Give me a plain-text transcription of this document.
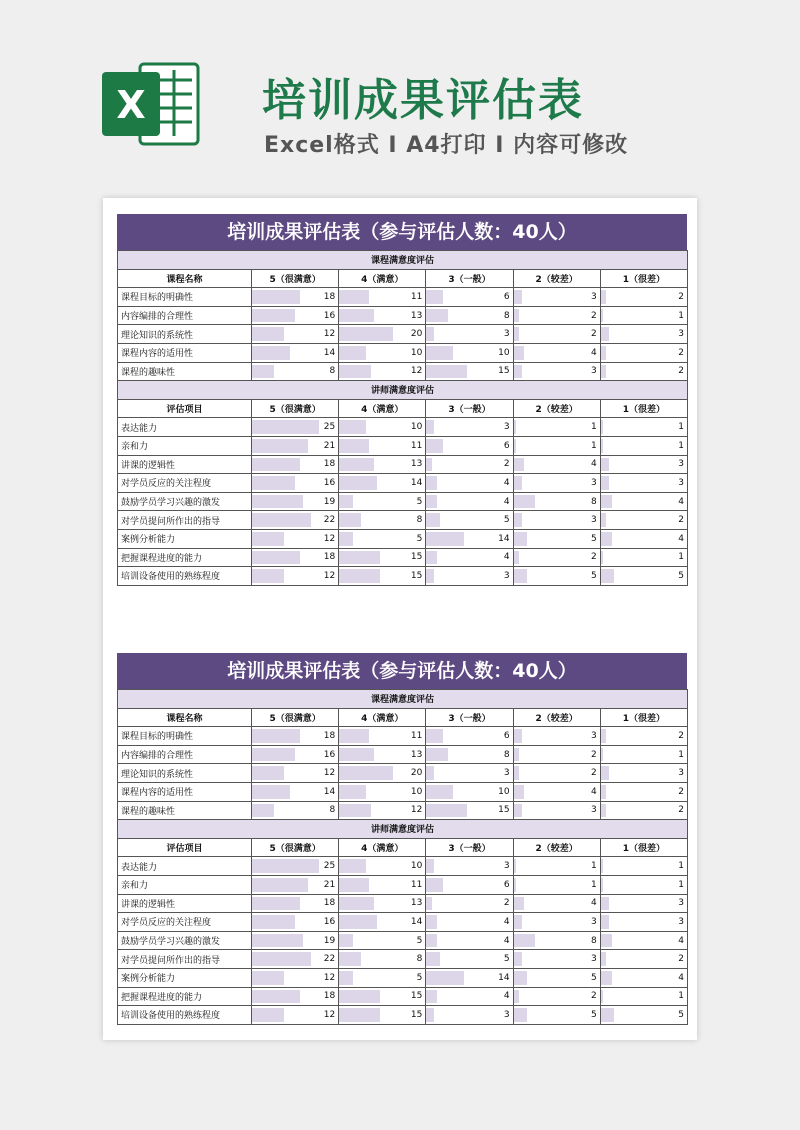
X	培训成果评估表
Excel格式 I A4打印 I 内容可修改
培训成果评估表（参与评估人数：40人）
课程满意度评估					
课程名称	5（很满意）	4（满意）	3（一般）	2（较差）	1（很差）
课程目标的明确性	18	11	6	3	2
内容编排的合理性	16	13	8	2	1
理论知识的系统性	12	20	3	2	3
课程内容的适用性	14	10	10	4	2
课程的趣味性	8	12	15	3	2
讲师满意度评估					
评估项目	5（很满意）	4（满意）	3（一般）	2（较差）	1（很差）
表达能力	25	10	3	1	1
亲和力	21	11	6	1	1
讲课的逻辑性	18	13	2	4	3
对学员反应的关注程度	16	14	4	3	3
鼓励学员学习兴趣的激发	19	5	4	8	4
对学员提问所作出的指导	22	8	5	3	2
案例分析能力	12	5	14	5	4
把握课程进度的能力	18	15	4	2	1
培训设备使用的熟练程度	12	15	3	5	5
培训成果评估表（参与评估人数：40人）
课程满意度评估					
课程名称	5（很满意）	4（满意）	3（一般）	2（较差）	1（很差）
课程目标的明确性	18	11	6	3	2
内容编排的合理性	16	13	8	2	1
理论知识的系统性	12	20	3	2	3
课程内容的适用性	14	10	10	4	2
课程的趣味性	8	12	15	3	2
讲师满意度评估					
评估项目	5（很满意）	4（满意）	3（一般）	2（较差）	1（很差）
表达能力	25	10	3	1	1
亲和力	21	11	6	1	1
讲课的逻辑性	18	13	2	4	3
对学员反应的关注程度	16	14	4	3	3
鼓励学员学习兴趣的激发	19	5	4	8	4
对学员提问所作出的指导	22	8	5	3	2
案例分析能力	12	5	14	5	4
把握课程进度的能力	18	15	4	2	1
培训设备使用的熟练程度	12	15	3	5	5
